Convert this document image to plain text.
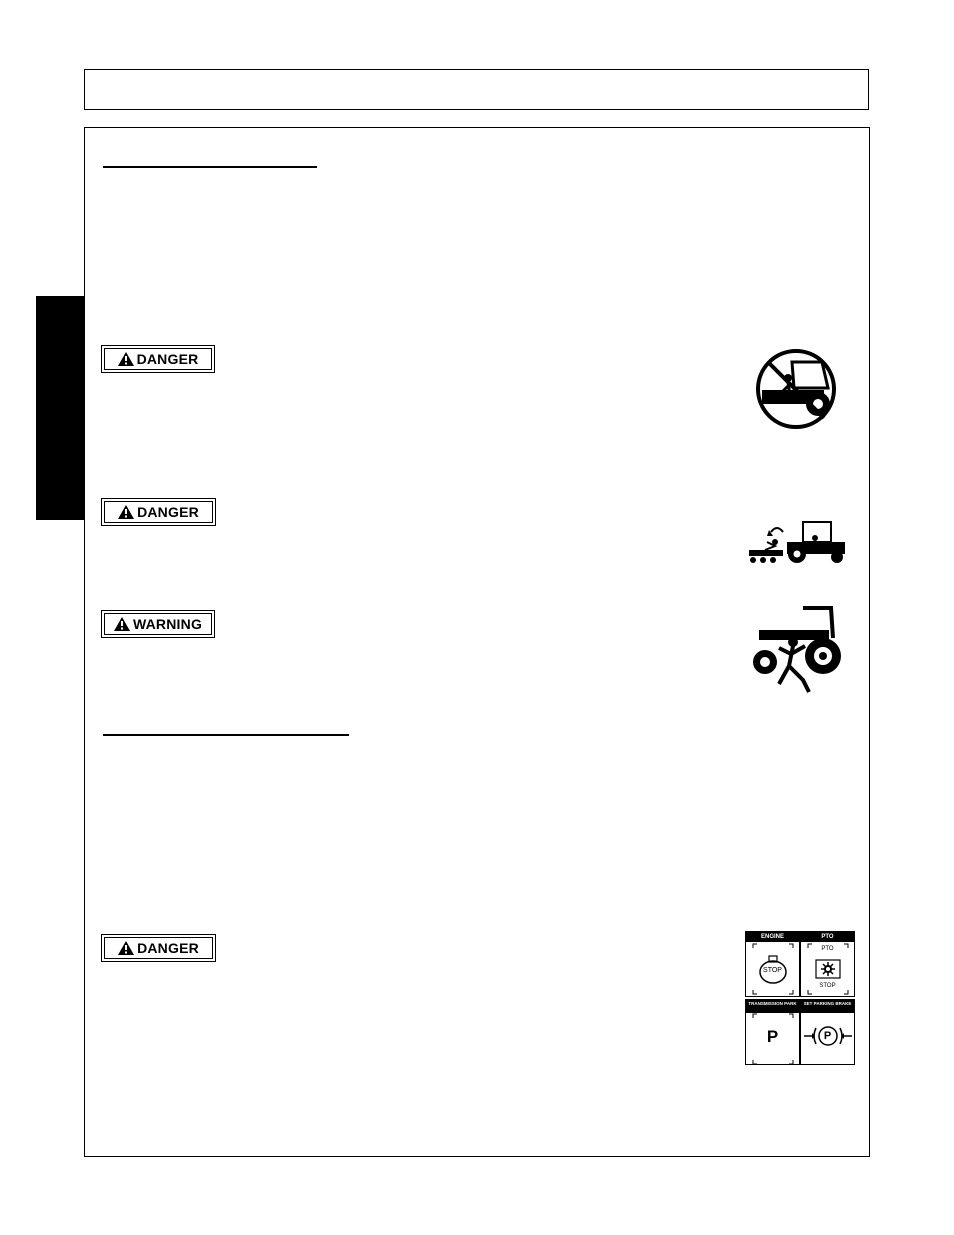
DANGER
DANGER
WARNING
DANGER
ENGINE
STOP
PTO
PTO
STOP
TRANSMISSION PARK
P
SET PARKING BRAKE
P
